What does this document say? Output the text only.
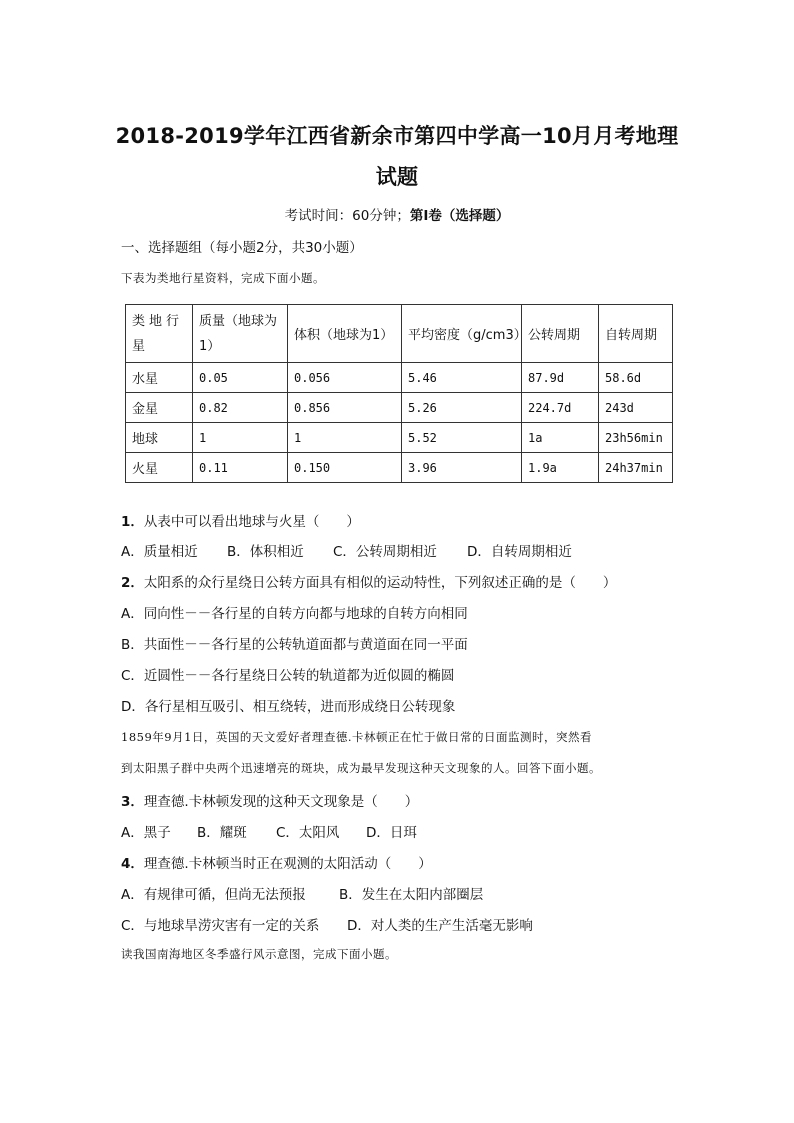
2018-2019学年江西省新余市第四中学高一10月月考地理
试题
考试时间：60分钟；第Ⅰ卷（选择题）
一、选择题组（每小题2分，共30小题）
下表为类地行星资料，完成下面小题。
类地行星	质量（地球为1）	体积（地球为1）	平均密度（g/cm3）	公转周期	自转周期
水星	0.05	0.056	5.46	87.9d	58.6d
金星	0.82	0.856	5.26	224.7d	243d
地球	1	1	5.52	1a	23h56min
火星	0.11	0.150	3.96	1.9a	24h37min
1．从表中可以看出地球与火星（　　）
A．质量相近 B．体积相近 C．公转周期相近 D．自转周期相近
2．太阳系的众行星绕日公转方面具有相似的运动特性，下列叙述正确的是（　　）
A．同向性－－各行星的自转方向都与地球的自转方向相同
B．共面性－－各行星的公转轨道面都与黄道面在同一平面
C．近圆性－－各行星绕日公转的轨道都为近似圆的椭圆
D．各行星相互吸引、相互绕转，进而形成绕日公转现象
1859年9月1日，英国的天文爱好者理查德.卡林顿正在忙于做日常的日面监测时，突然看
到太阳黑子群中央两个迅速增亮的斑块，成为最早发现这种天文现象的人。回答下面小题。
3．理查德.卡林顿发现的这种天文现象是（　　）
A．黑子 B．耀斑 C．太阳风 D．日珥
4．理查德.卡林顿当时正在观测的太阳活动（　　）
A．有规律可循，但尚无法预报 B．发生在太阳内部圈层
C．与地球旱涝灾害有一定的关系 D．对人类的生产生活毫无影响
读我国南海地区冬季盛行风示意图，完成下面小题。
